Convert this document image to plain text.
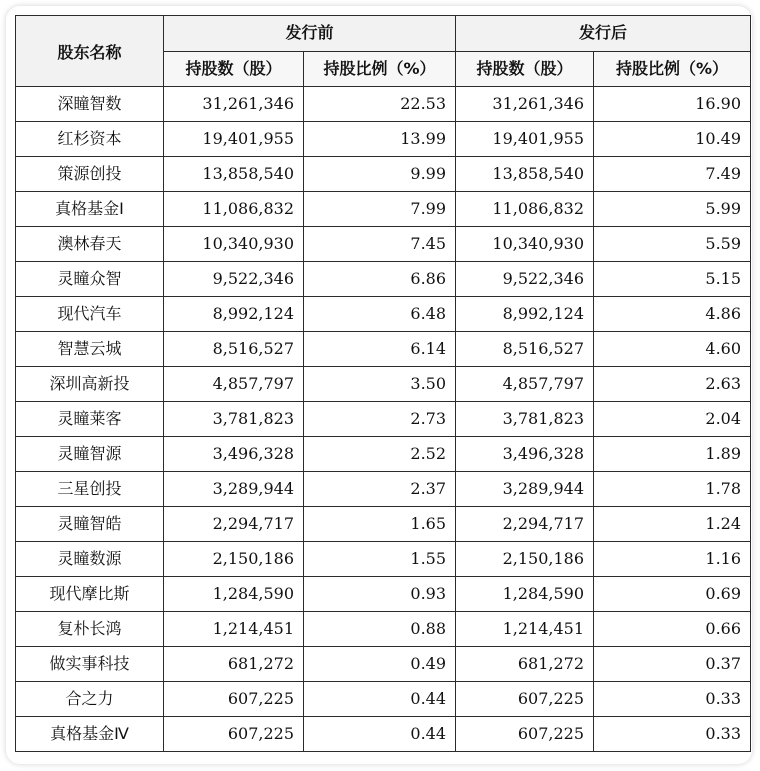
股东名称	发行前		发行后	
	持股数（股）	持股比例（%）	持股数（股）	持股比例（%）
深瞳智数	31,261,346	22.53	31,261,346	16.90
红杉资本	19,401,955	13.99	19,401,955	10.49
策源创投	13,858,540	9.99	13,858,540	7.49
真格基金Ⅰ	11,086,832	7.99	11,086,832	5.99
澳林春天	10,340,930	7.45	10,340,930	5.59
灵瞳众智	9,522,346	6.86	9,522,346	5.15
现代汽车	8,992,124	6.48	8,992,124	4.86
智慧云城	8,516,527	6.14	8,516,527	4.60
深圳高新投	4,857,797	3.50	4,857,797	2.63
灵瞳莱客	3,781,823	2.73	3,781,823	2.04
灵瞳智源	3,496,328	2.52	3,496,328	1.89
三星创投	3,289,944	2.37	3,289,944	1.78
灵瞳智皓	2,294,717	1.65	2,294,717	1.24
灵瞳数源	2,150,186	1.55	2,150,186	1.16
现代摩比斯	1,284,590	0.93	1,284,590	0.69
复朴长鸿	1,214,451	0.88	1,214,451	0.66
做实事科技	681,272	0.49	681,272	0.37
合之力	607,225	0.44	607,225	0.33
真格基金Ⅳ	607,225	0.44	607,225	0.33
